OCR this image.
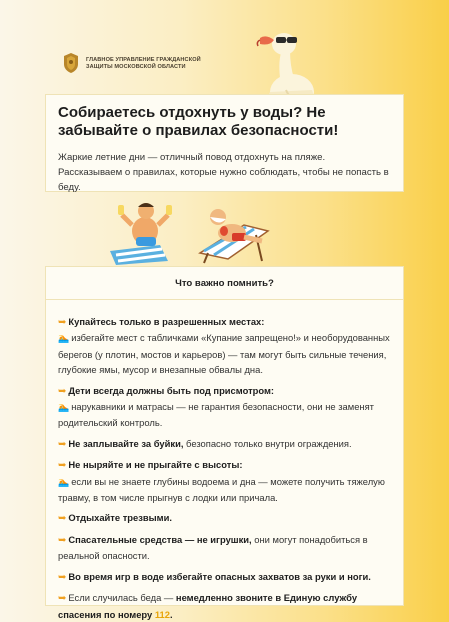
ГЛАВНОЕ УПРАВЛЕНИЕ ГРАЖДАНСКОЙ
ЗАЩИТЫ МОСКОВСКОЙ ОБЛАСТИ
Собираетесь отдохнуть у воды? Не забывайте о правилах безопасности!
Жаркие летние дни — отличный повод отдохнуть на пляже. Рассказываем о правилах, которые нужно соблюдать, чтобы не попасть в беду.
Что важно помнить?
➥ Купайтесь только в разрешенных местах:
🏊 избегайте мест с табличками «Купание запрещено!» и необорудованных берегов (у плотин, мостов и карьеров) — там могут быть сильные течения, глубокие ямы, мусор и внезапные обвалы дна.
➥ Дети всегда должны быть под присмотром:
🏊 нарукавники и матрасы — не гарантия безопасности, они не заменят родительский контроль.
➥ Не заплывайте за буйки, безопасно только внутри ограждения.
➥ Не ныряйте и не прыгайте с высоты:
🏊 если вы не знаете глубины водоема и дна — можете получить тяжелую травму, в том числе прыгнув с лодки или причала.
➥ Отдыхайте трезвыми.
➥ Спасательные средства — не игрушки, они могут понадобиться в реальной опасности.
➥ Во время игр в воде избегайте опасных захватов за руки и ноги.
➥ Если случилась беда — немедленно звоните в Единую службу спасения по номеру 112.
